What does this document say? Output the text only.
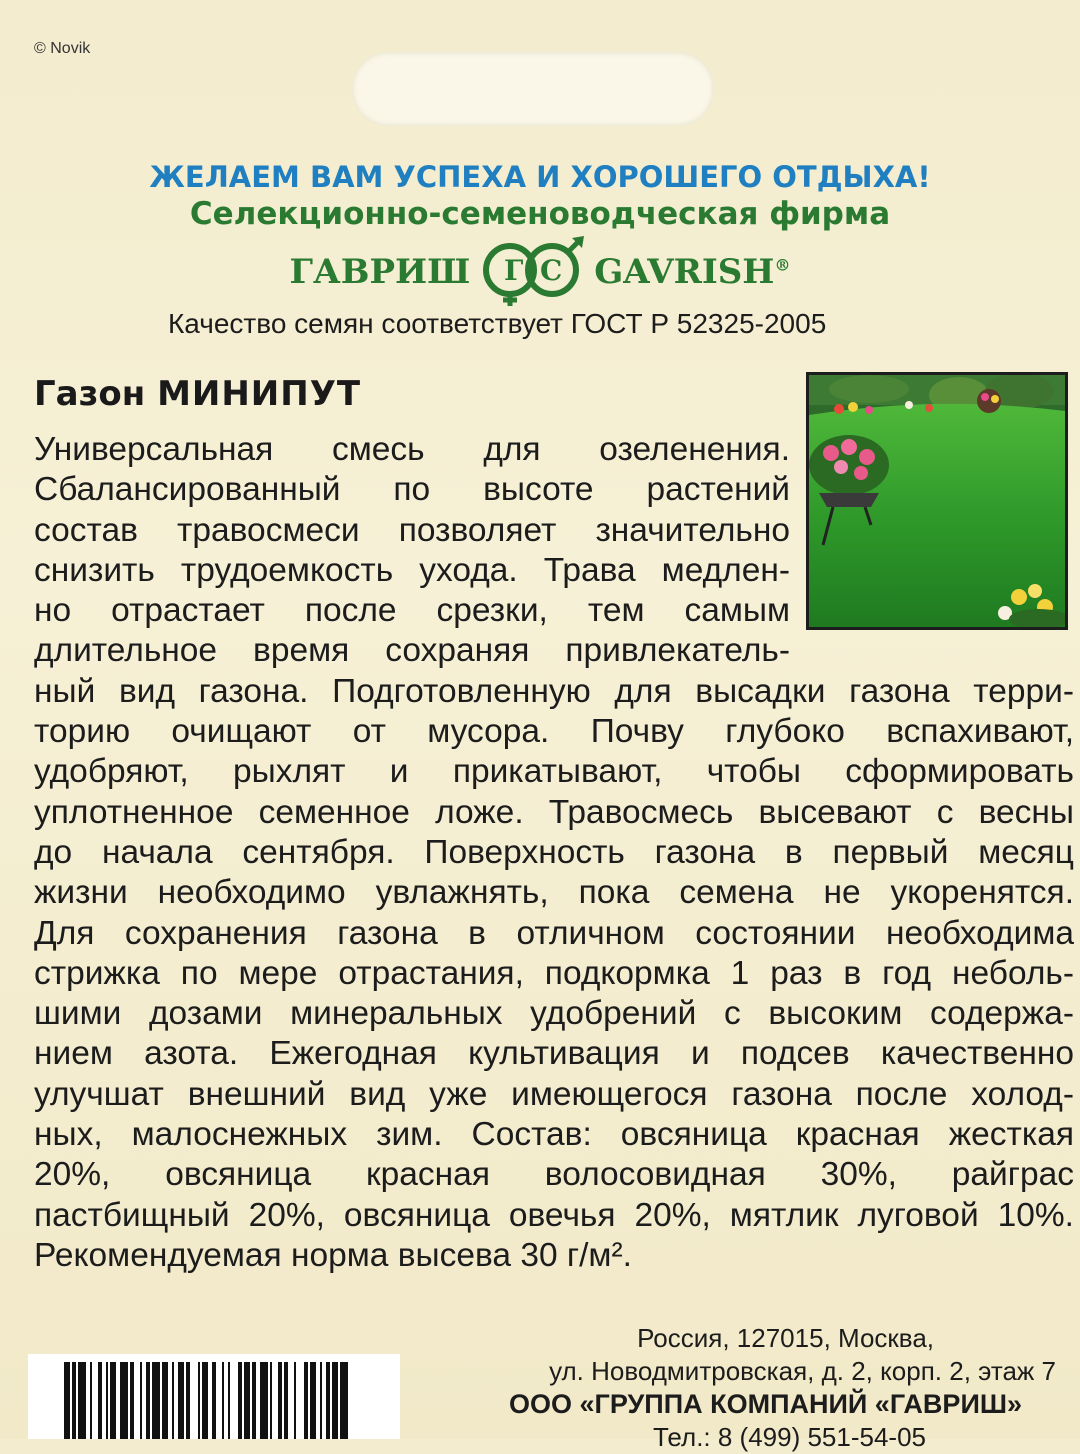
© Novik

ЖЕЛАЕМ ВАМ УСПЕХА И ХОРОШЕГО ОТДЫХА!

Селекционно-семеноводческая фирма

ГАВРИШ Г С GAVRISH®
Качество семян соответствует ГОСТ Р 52325-2005
Газон МИНИПУТ
Универсальная смесь для озеленения.
Сбалансированный по высоте растений
состав травосмеси позволяет значительно
снизить трудоемкость ухода. Трава медлен-
но отрастает после срезки, тем самым
длительное время сохраняя привлекатель-
ный вид газона. Подготовленную для высадки газона терри-
торию очищают от мусора. Почву глубоко вспахивают,
удобряют, рыхлят и прикатывают, чтобы сформировать
уплотненное семенное ложе. Травосмесь высевают с весны
до начала сентября. Поверхность газона в первый месяц
жизни необходимо увлажнять, пока семена не укоренятся.
Для сохранения газона в отличном состоянии необходима
стрижка по мере отрастания, подкормка 1 раз в год неболь-
шими дозами минеральных удобрений с высоким содержа-
нием азота. Ежегодная культивация и подсев качественно
улучшат внешний вид уже имеющегося газона после холод-
ных, малоснежных зим. Состав: овсяница красная жесткая
20%, овсяница красная волосовидная 30%, райграс
пастбищный 20%, овсяница овечья 20%, мятлик луговой 10%.
Рекомендуемая норма высева 30 г/м².
Россия, 127015, Москва,
ул. Новодмитровская, д. 2, корп. 2, этаж 7
ООО «ГРУППА КОМПАНИЙ «ГАВРИШ»
Тел.: 8 (499) 551-54-05
